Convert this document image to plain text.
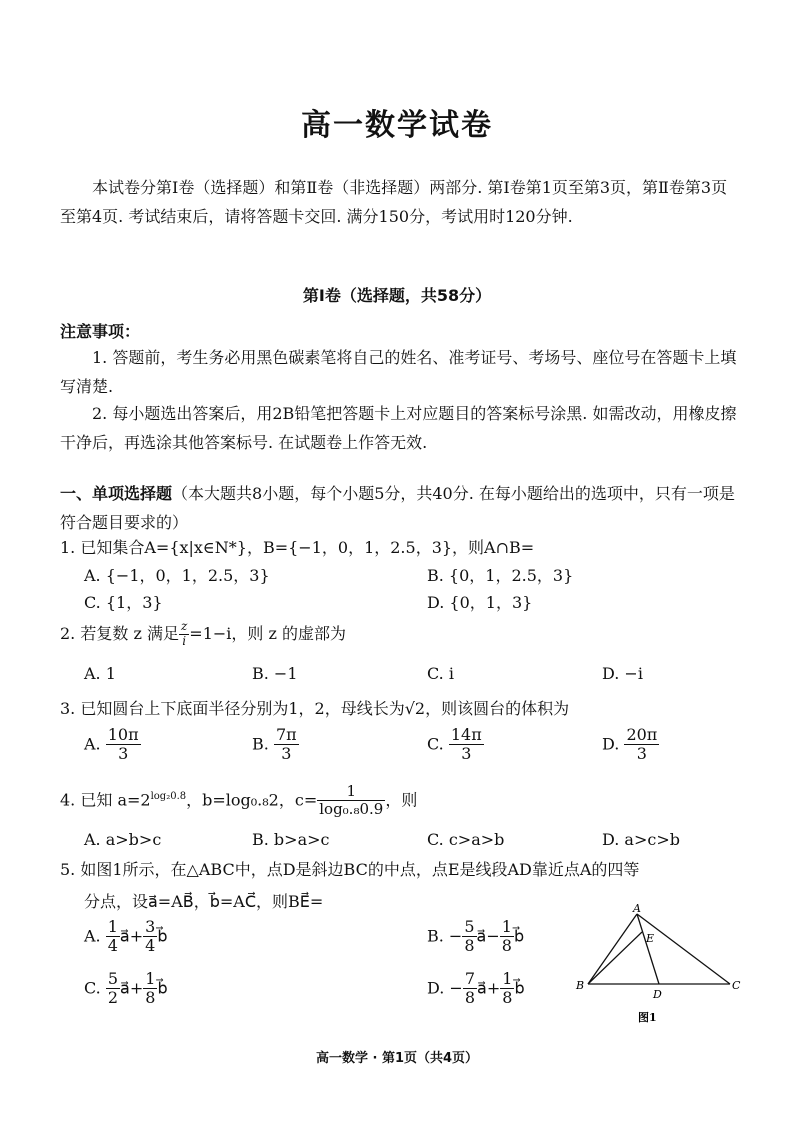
高一数学试卷
本试卷分第Ⅰ卷（选择题）和第Ⅱ卷（非选择题）两部分. 第Ⅰ卷第1页至第3页，第Ⅱ卷第3页至第4页. 考试结束后，请将答题卡交回. 满分150分，考试用时120分钟.
第Ⅰ卷（选择题，共58分）
注意事项：
1. 答题前，考生务必用黑色碳素笔将自己的姓名、准考证号、考场号、座位号在答题卡上填写清楚.
2. 每小题选出答案后，用2B铅笔把答题卡上对应题目的答案标号涂黑. 如需改动，用橡皮擦干净后，再选涂其他答案标号. 在试题卷上作答无效.
一、单项选择题（本大题共8小题，每个小题5分，共40分. 在每小题给出的选项中，只有一项是符合题目要求的）
1. 已知集合A={x|x∈N*}，B={−1，0，1，2.5，3}，则A∩B=
A. {−1，0，1，2.5，3}	B. {0，1，2.5，3}
C. {1，3}	D. {0，1，3}
2. 若复数 z 满足 $\frac{z}{i} =1-i$，则 z 的虚部为
A. 1	B. −1	C. i	D. −i
3. 已知圆台上下底面半径分别为1，2，母线长为√2，则该圆台的体积为
A. $\frac{10\pi}{3}$	B. $\frac{7\pi}{3}$	C. $\frac{14\pi}{3}$	D. $\frac{20\pi}{3}$
4. 已知 $a=2^{log_20.8}$，b=log₀.₈2，$c= \frac{1}{\text{log₀.₈0.9}}$ ，则
A. a>b>c	B. b>a>c	C. c>a>b	D. a>c>b
5. 如图1所示，在△ABC中，点D是斜边BC的中点，点E是线段AD靠近点A的四等
分点，设a⃗=AB⃗，b⃗=AC⃗，则BE⃗=
A. $\frac{1}{4}$ a⃗+ $\frac{3}{4}$ b⃗	B. − $\frac{5}{8}$ a⃗− $\frac{1}{8}$ b⃗
C. $\frac{5}{2}$ a⃗+ $\frac{1}{8}$ b⃗	D. − $\frac{7}{8}$ a⃗+ $\frac{1}{8}$ b⃗
A
B	C
D
E
图1
高一数学 · 第1页（共4页）
